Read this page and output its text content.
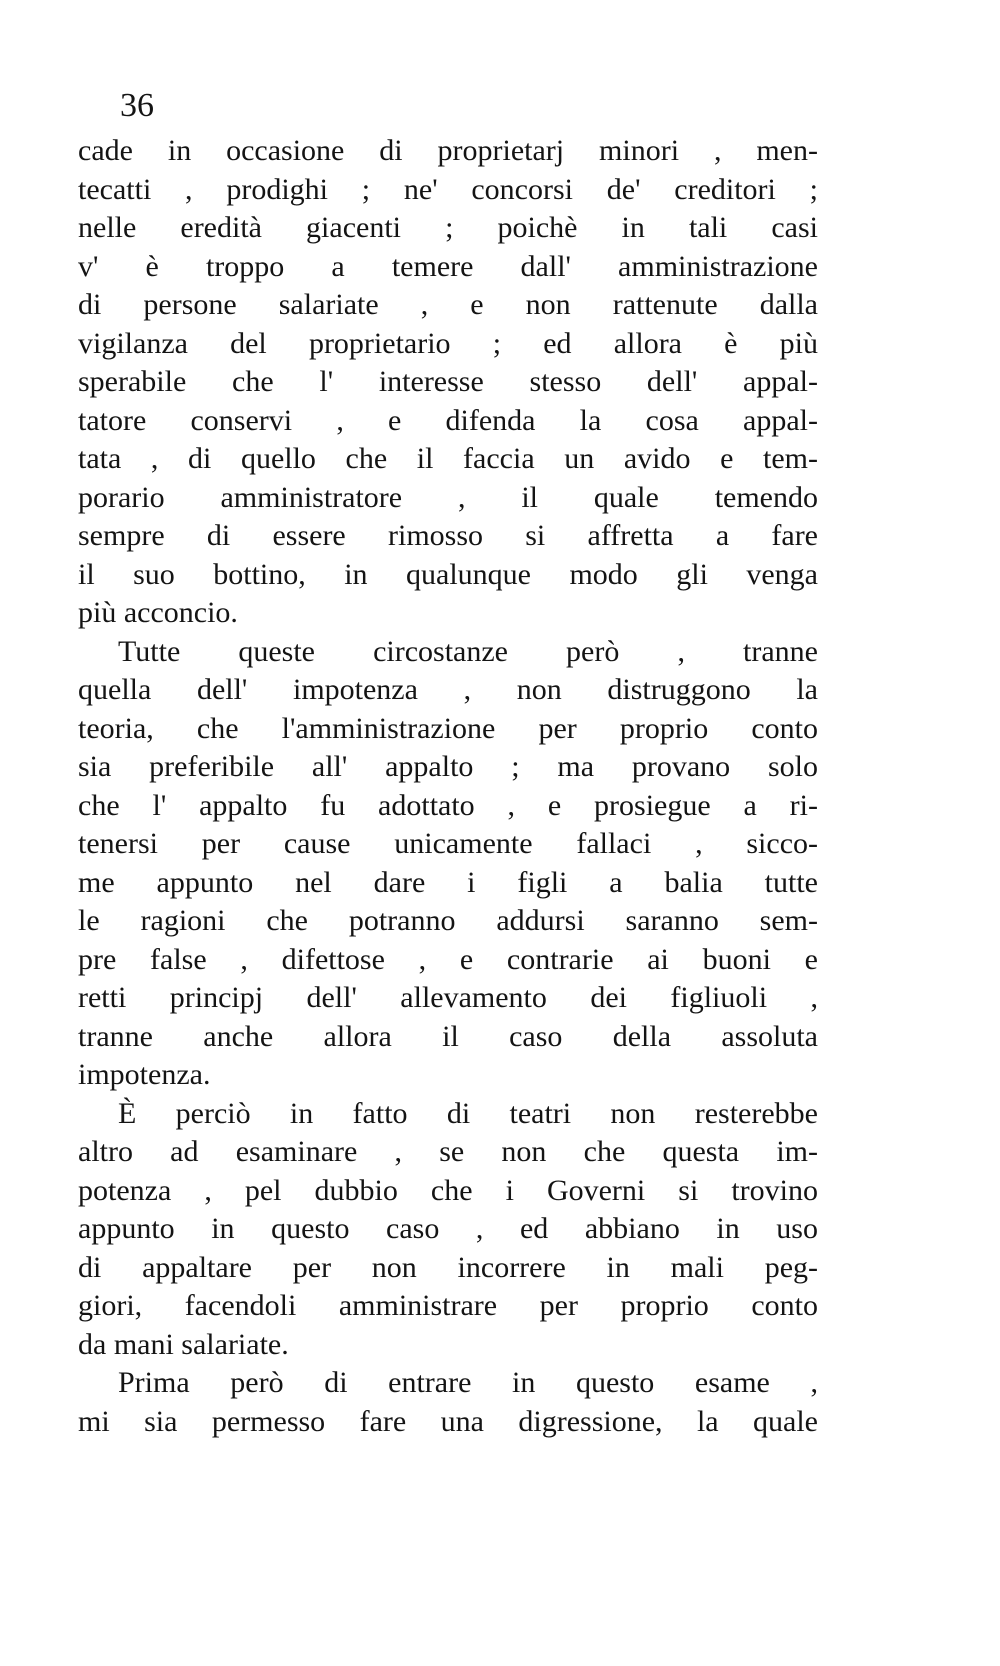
36
cade in occasione di proprietarj minori , men-
tecatti , prodighi ; ne' concorsi de' creditori ;
nelle eredità giacenti ; poichè in tali casi
v' è troppo a temere dall' amministrazione
di persone salariate , e non rattenute dalla
vigilanza del proprietario ; ed allora è più
sperabile che l' interesse stesso dell' appal-
tatore conservi , e difenda la cosa appal-
tata , di quello che il faccia un avido e tem-
porario amministratore , il quale temendo
sempre di essere rimosso si affretta a fare
il suo bottino, in qualunque modo gli venga
più acconcio.
Tutte queste circostanze però , tranne
quella dell' impotenza , non distruggono la
teoria, che l'amministrazione per proprio conto
sia preferibile all' appalto ; ma provano solo
che l' appalto fu adottato , e prosiegue a ri-
tenersi per cause unicamente fallaci , sicco-
me appunto nel dare i figli a balia tutte
le ragioni che potranno addursi saranno sem-
pre false , difettose , e contrarie ai buoni e
retti principj dell' allevamento dei figliuoli ,
tranne anche allora il caso della assoluta
impotenza.
È perciò in fatto di teatri non resterebbe
altro ad esaminare , se non che questa im-
potenza , pel dubbio che i Governi si trovino
appunto in questo caso , ed abbiano in uso
di appaltare per non incorrere in mali peg-
giori, facendoli amministrare per proprio conto
da mani salariate.
Prima però di entrare in questo esame ,
mi sia permesso fare una digressione, la quale
